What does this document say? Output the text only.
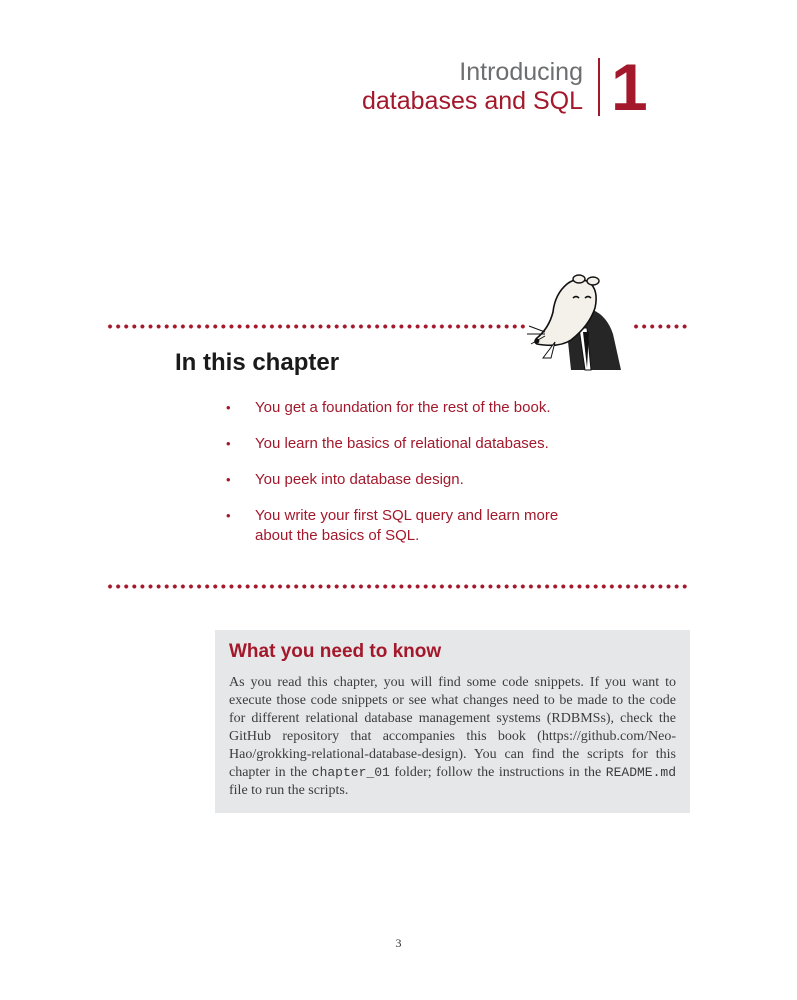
Introducing
databases and SQL 1
In this chapter
• You get a foundation for the rest of the book.
• You learn the basics of relational databases.
• You peek into database design.
• You write your first SQL query and learn more about the basics of SQL.
What you need to know

As you read this chapter, you will find some code snippets. If you want to execute those code snippets or see what changes need to be made to the code for different relational database management systems (RDBMSs), check the GitHub repository that accompanies this book (https://github.com/Neo-Hao/grokking-relational-database-design). You can find the scripts for this chapter in the chapter_01 folder; follow the instructions in the README.md file to run the scripts.

3
